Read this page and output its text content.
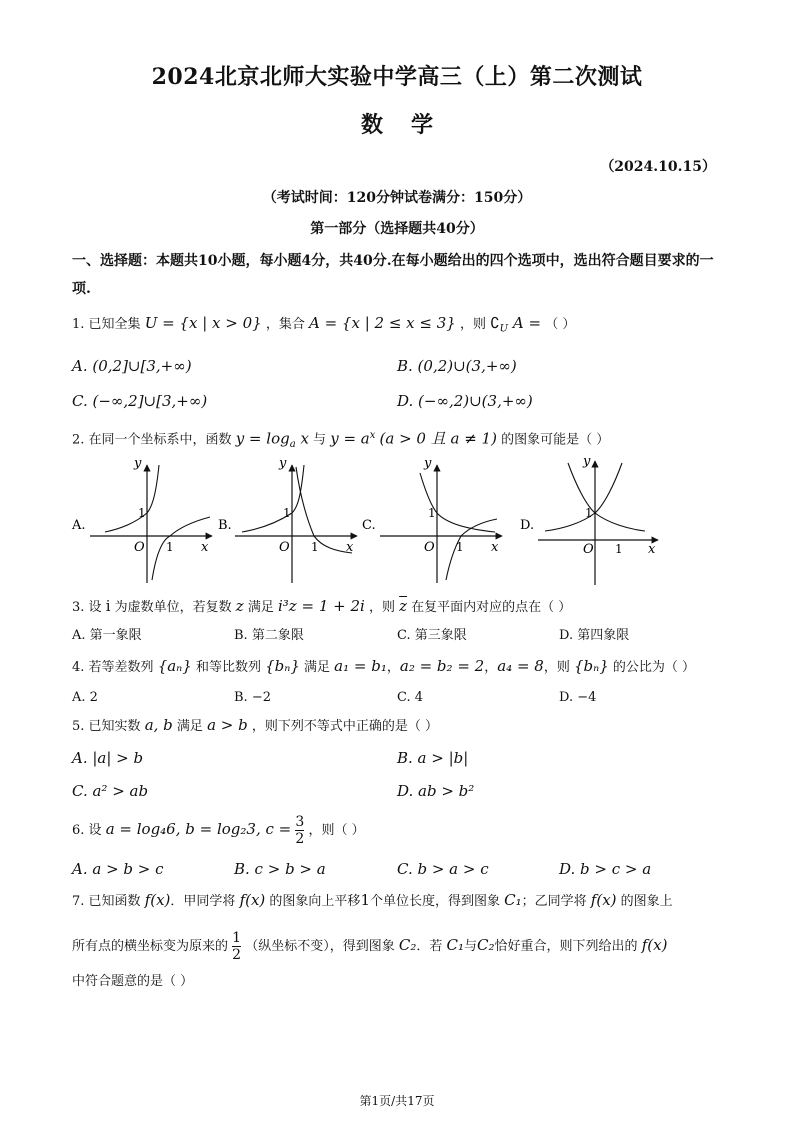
2024北京北师大实验中学高三（上）第二次测试
数学
（2024.10.15）
（考试时间：120分钟试卷满分：150分）
第一部分（选择题共40分）
一、选择题：本题共10小题，每小题4分，共40分.在每小题给出的四个选项中，选出符合题目要求的一项.
1. 已知全集 U = {x | x > 0} ，集合 A = {x | 2 ≤ x ≤ 3} ，则 $∁_U$ A = （ ）
A. (0,2]∪[3,+∞)	B. (0,2)∪(3,+∞)
C. (−∞,2]∪[3,+∞)	D. (−∞,2)∪(3,+∞)
2. 在同一个坐标系中，函数 $y = \log_a x$ 与 $y = a^x$ (a > 0 且 a ≠ 1) 的图象可能是（ ）
A.
y
x
O 1
1
B.
y
x
O 1
1
C.
y
x
O 1
1
D.
y
x
O 1
1
3. 设 i 为虚数单位，若复数 z 满足 i³z = 1 + 2i ，则 $\overline{z}$ 在复平面内对应的点在（ ）
A. 第一象限	B. 第二象限	C. 第三象限	D. 第四象限
4. 若等差数列 {aₙ} 和等比数列 {bₙ} 满足 a₁ = b₁，a₂ = b₂ = 2，a₄ = 8，则 {bₙ} 的公比为（ ）
A. 2	B. −2	C. 4	D. −4
5. 已知实数 a, b 满足 a > b ，则下列不等式中正确的是（ ）
A. |a| > b	B. a > |b|
C. a² > ab	D. ab > b²
6. 设 a = log₄6, b = log₂3, $c = \frac{3}{2}$ ，则（ ）
A. a > b > c	B. c > b > a	C. b > a > c	D. b > c > a
7. 已知函数 f(x)．甲同学将 f(x) 的图象向上平移1个单位长度，得到图象 C₁；乙同学将 f(x) 的图象上
所有点的横坐标变为原来的 $\frac{1}{2}$ （纵坐标不变），得到图象 C₂．若 C₁与C₂恰好重合，则下列给出的 f(x)
中符合题意的是（ ）
第1页/共17页
